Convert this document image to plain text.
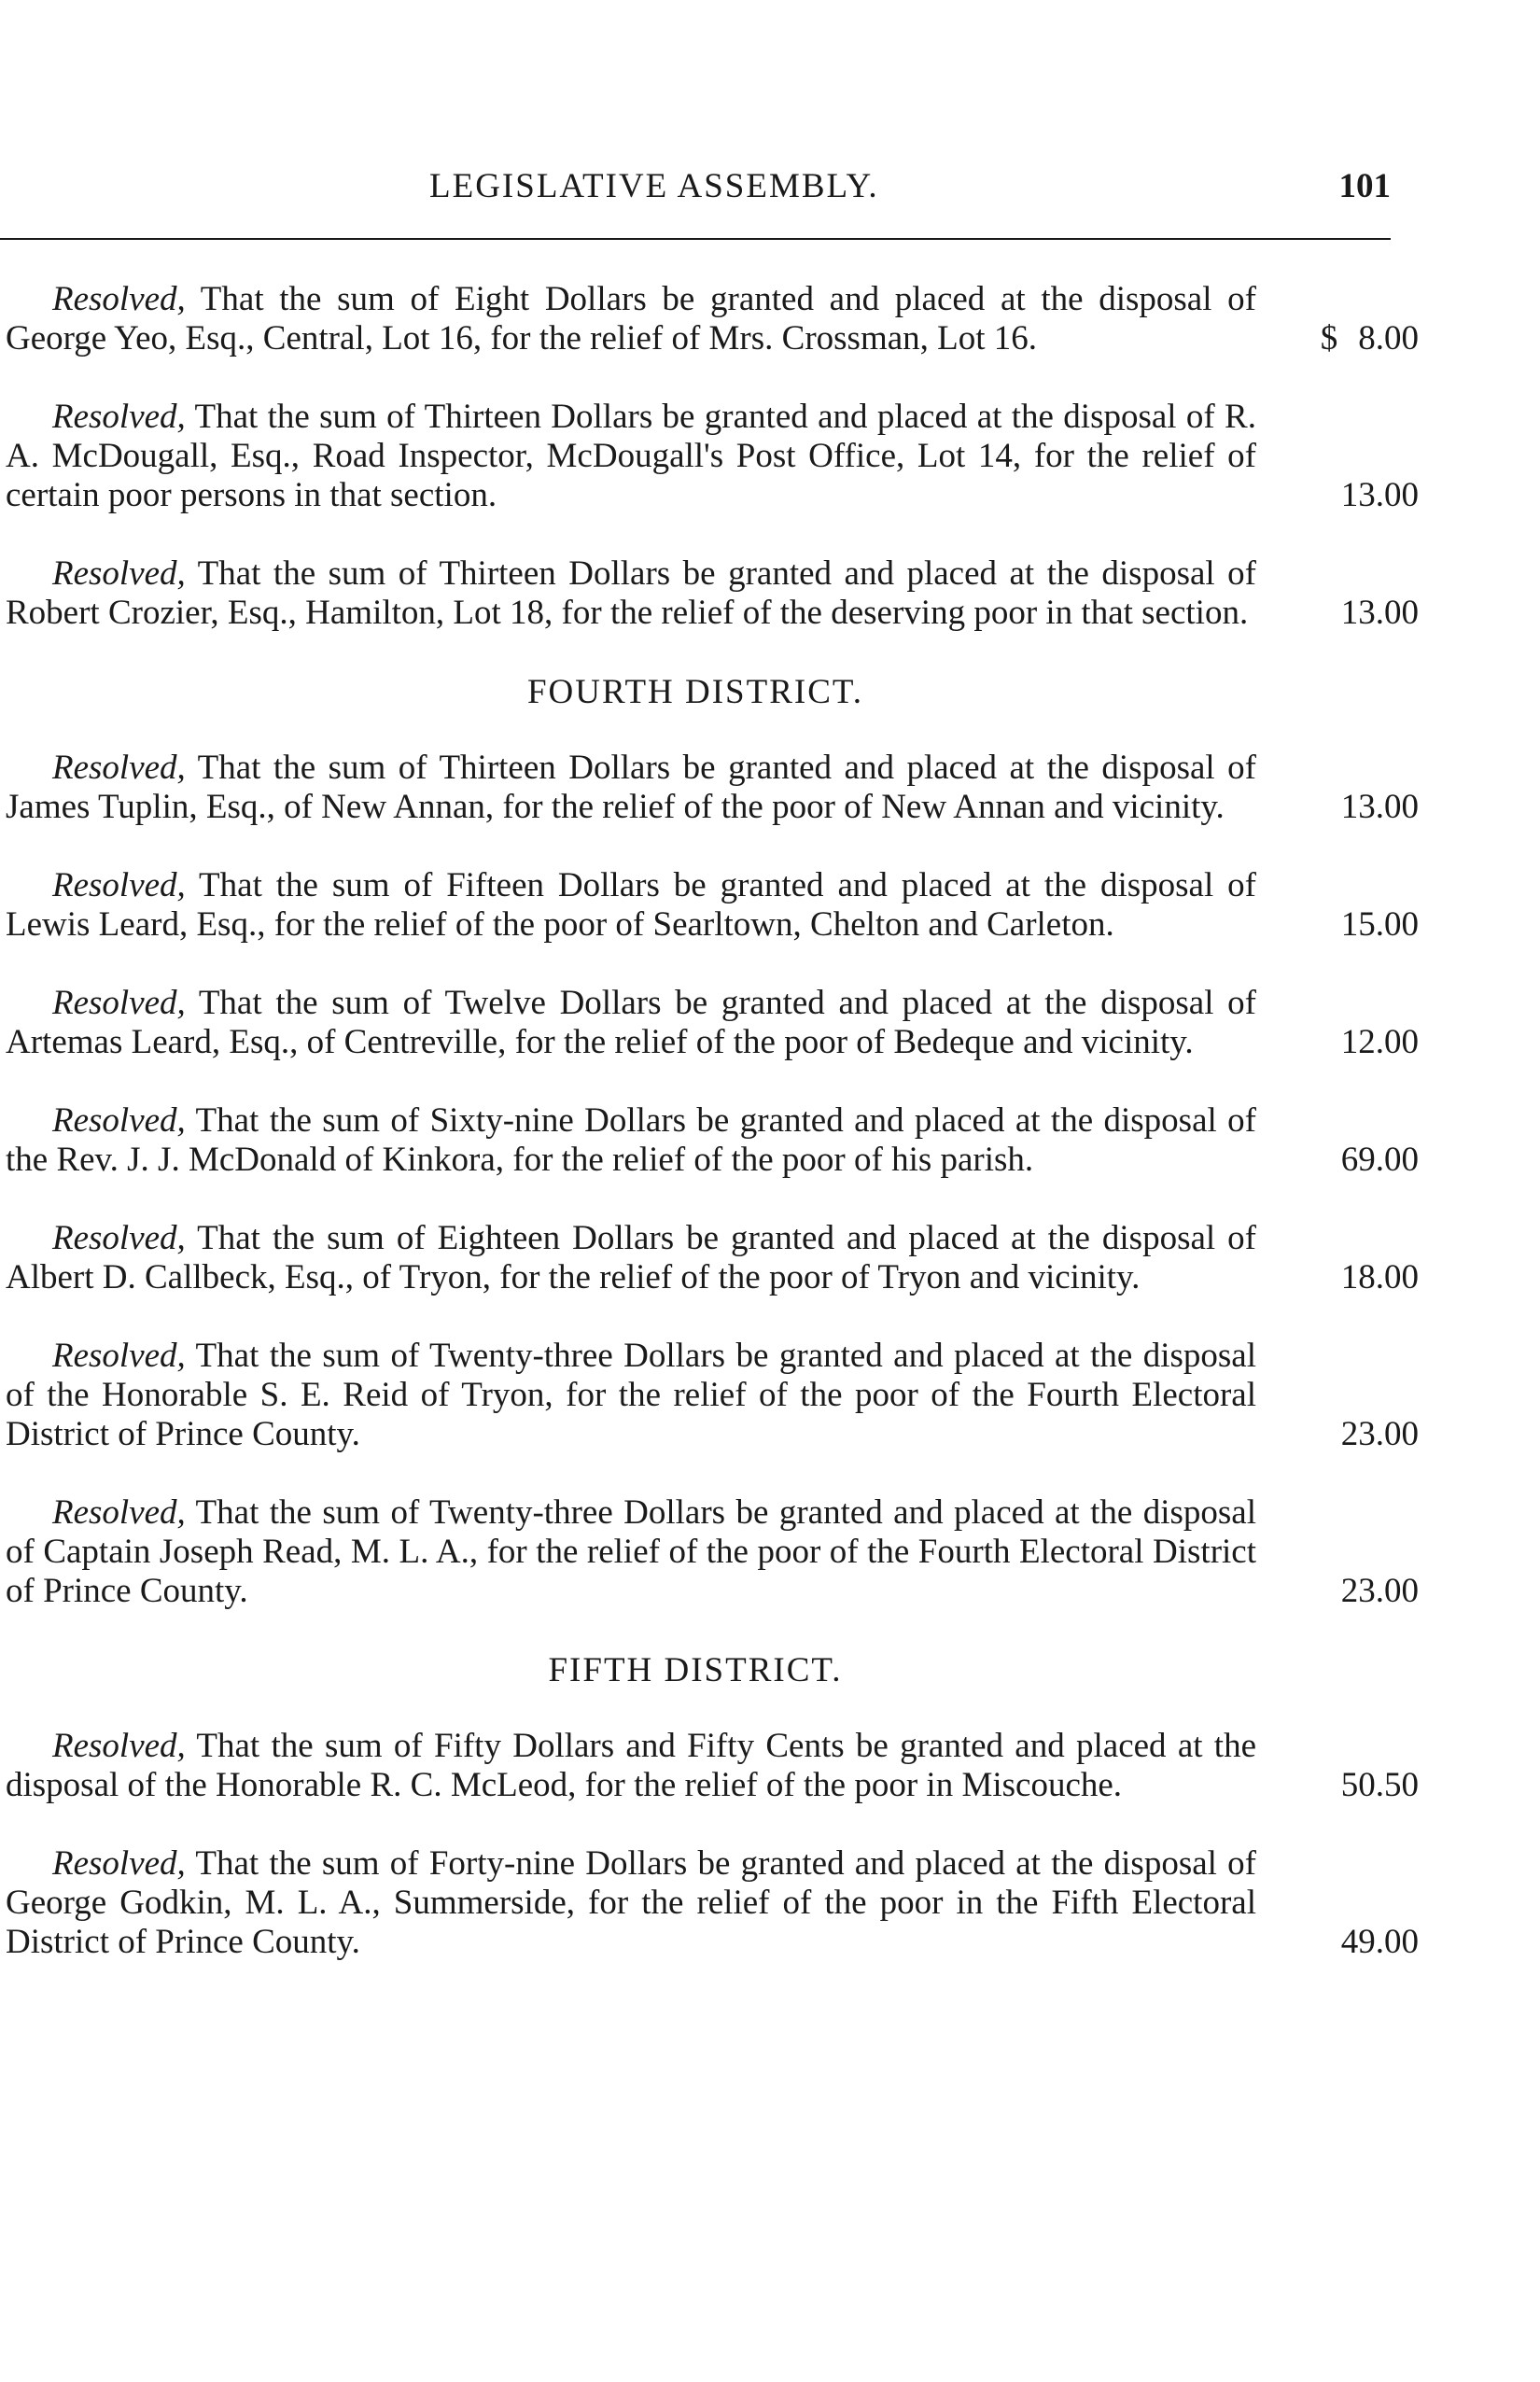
LEGISLATIVE ASSEMBLY.	101
Resolved, That the sum of Eight Dollars be granted and placed at the disposal of George Yeo, Esq., Central, Lot 16, for the relief of Mrs. Crossman, Lot 16.	$ 8.00
Resolved, That the sum of Thirteen Dollars be granted and placed at the disposal of R. A. McDougall, Esq., Road Inspector, McDougall's Post Office, Lot 14, for the relief of certain poor persons in that section.	13.00
Resolved, That the sum of Thirteen Dollars be granted and placed at the disposal of Robert Crozier, Esq., Hamilton, Lot 18, for the relief of the deserving poor in that section.	13.00
FOURTH DISTRICT.
Resolved, That the sum of Thirteen Dollars be granted and placed at the disposal of James Tuplin, Esq., of New Annan, for the relief of the poor of New Annan and vicinity.	13.00
Resolved, That the sum of Fifteen Dollars be granted and placed at the disposal of Lewis Leard, Esq., for the relief of the poor of Searltown, Chelton and Carleton.	15.00
Resolved, That the sum of Twelve Dollars be granted and placed at the disposal of Artemas Leard, Esq., of Centreville, for the relief of the poor of Bedeque and vicinity.	12.00
Resolved, That the sum of Sixty-nine Dollars be granted and placed at the disposal of the Rev. J. J. McDonald of Kinkora, for the relief of the poor of his parish.	69.00
Resolved, That the sum of Eighteen Dollars be granted and placed at the disposal of Albert D. Callbeck, Esq., of Tryon, for the relief of the poor of Tryon and vicinity.	18.00
Resolved, That the sum of Twenty-three Dollars be granted and placed at the disposal of the Honorable S. E. Reid of Tryon, for the relief of the poor of the Fourth Electoral District of Prince County.	23.00
Resolved, That the sum of Twenty-three Dollars be granted and placed at the disposal of Captain Joseph Read, M. L. A., for the relief of the poor of the Fourth Electoral District of Prince County.	23.00
FIFTH DISTRICT.
Resolved, That the sum of Fifty Dollars and Fifty Cents be granted and placed at the disposal of the Honorable R. C. McLeod, for the relief of the poor in Miscouche.	50.50
Resolved, That the sum of Forty-nine Dollars be granted and placed at the disposal of George Godkin, M. L. A., Summerside, for the relief of the poor in the Fifth Electoral District of Prince County.	49.00
